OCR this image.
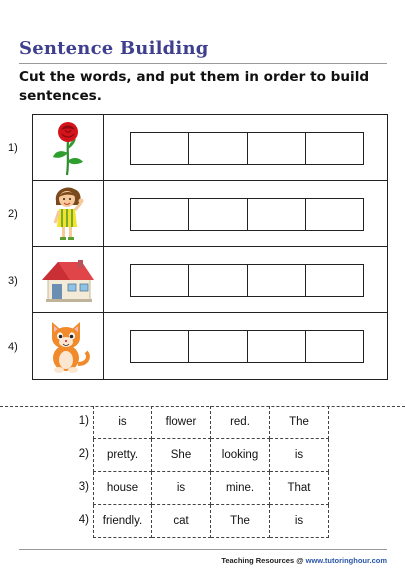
Sentence Building
Cut the words, and put them in order to build sentences.
1)
2)
3)
4)
1)
2)
3)
4)
is	flower	red.	The
pretty.	She	looking	is
house	is	mine.	That
friendly.	cat	The	is
Teaching Resources @ www.tutoringhour.com
